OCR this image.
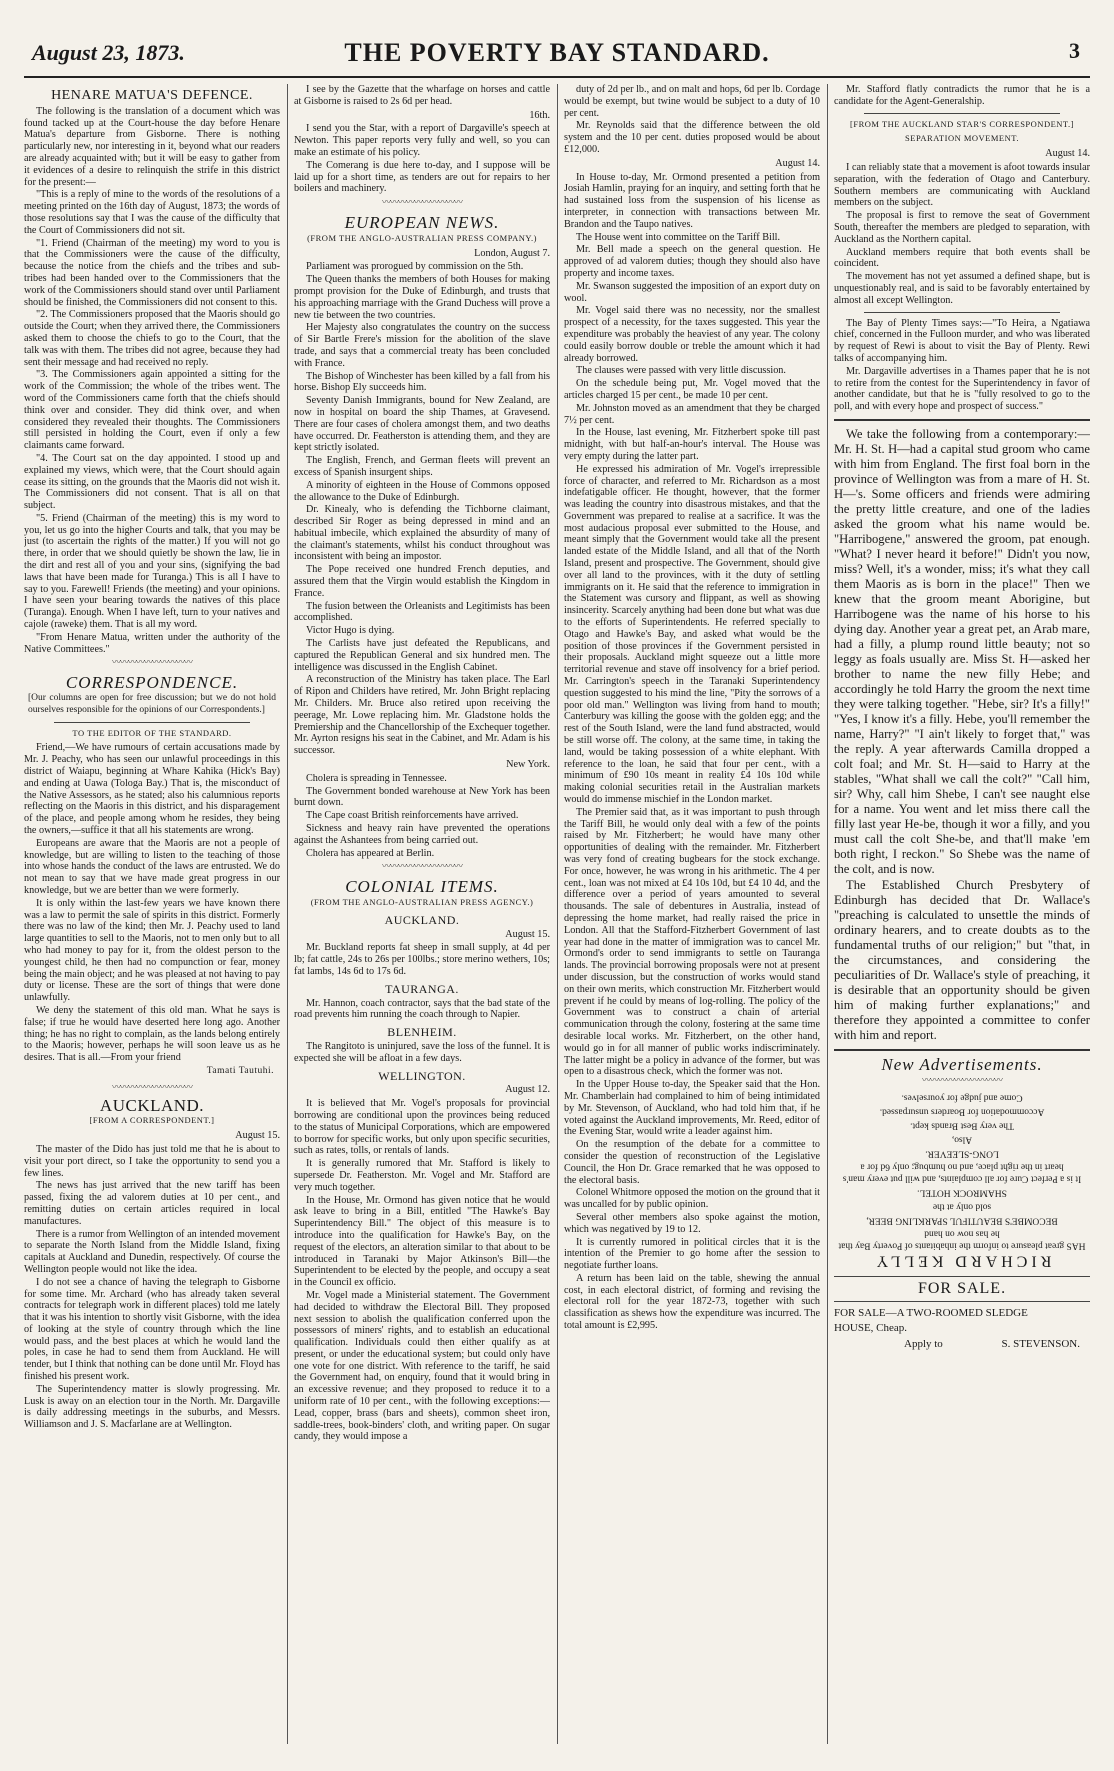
August 23, 1873.	THE POVERTY BAY STANDARD.	3
HENARE MATUA'S DEFENCE.

The following is the translation of a document which was found tacked up at the Court-house the day before Henare Matua's departure from Gisborne. There is nothing particularly new, nor interesting in it, beyond what our readers are already acquainted with; but it will be easy to gather from it evidences of a desire to relinquish the strife in this district for the present:—

"This is a reply of mine to the words of the resolutions of a meeting printed on the 16th day of August, 1873; the words of those resolutions say that I was the cause of the difficulty that the Court of Commissioners did not sit.

"1. Friend (Chairman of the meeting) my word to you is that the Commissioners were the cause of the difficulty, because the notice from the chiefs and the tribes and sub-tribes had been handed over to the Commissioners that the work of the Commissioners should stand over until Parliament should be finished, the Commissioners did not consent to this.

"2. The Commissioners proposed that the Maoris should go outside the Court; when they arrived there, the Commissioners asked them to choose the chiefs to go to the Court, that the talk was with them. The tribes did not agree, because they had sent their message and had received no reply.

"3. The Commissioners again appointed a sitting for the work of the Commission; the whole of the tribes went. The word of the Commissioners came forth that the chiefs should think over and consider. They did think over, and when considered they revealed their thoughts. The Commissioners still persisted in holding the Court, even if only a few claimants came forward.

"4. The Court sat on the day appointed. I stood up and explained my views, which were, that the Court should again cease its sitting, on the grounds that the Maoris did not wish it. The Commissioners did not consent. That is all on that subject.

"5. Friend (Chairman of the meeting) this is my word to you, let us go into the higher Courts and talk, that you may be just (to ascertain the rights of the matter.) If you will not go there, in order that we should quietly be shown the law, lie in the dirt and rest all of you and your sins, (signifying the bad laws that have been made for Turanga.) This is all I have to say to you. Farewell! Friends (the meeting) and your opinions. I have seen your bearing towards the natives of this place (Turanga). Enough. When I have left, turn to your natives and cajole (raweke) them. That is all my word.

"From Henare Matua, written under the authority of the Native Committees."

〰〰〰〰〰〰〰〰〰〰
CORRESPONDENCE.

[Our columns are open for free discussion; but we do not hold ourselves responsible for the opinions of our Correspondents.]

TO THE EDITOR OF THE STANDARD.

Friend,—We have rumours of certain accusations made by Mr. J. Peachy, who has seen our unlawful proceedings in this district of Waiapu, beginning at Whare Kahika (Hick's Bay) and ending at Uawa (Tologa Bay.) That is, the misconduct of the Native Assessors, as he stated; also his calumnious reports reflecting on the Maoris in this district, and his disparagement of the place, and people among whom he resides, they being the owners,—suffice it that all his statements are wrong.

Europeans are aware that the Maoris are not a people of knowledge, but are willing to listen to the teaching of those into whose hands the conduct of the laws are entrusted. We do not mean to say that we have made great progress in our knowledge, but we are better than we were formerly.

It is only within the last-few years we have known there was a law to permit the sale of spirits in this district. Formerly there was no law of the kind; then Mr. J. Peachy used to land large quantities to sell to the Maoris, not to men only but to all who had money to pay for it, from the oldest person to the youngest child, he then had no compunction or fear, money being the main object; and he was pleased at not having to pay duty or license. These are the sort of things that were done unlawfully.

We deny the statement of this old man. What he says is false; if true he would have deserted here long ago. Another thing; he has no right to complain, as the lands belong entirely to the Maoris; however, perhaps he will soon leave us as he desires. That is all.—From your friend

Tamati Tautuhi.
〰〰〰〰〰〰〰〰〰〰
AUCKLAND.
[FROM A CORRESPONDENT.]
August 15.

The master of the Dido has just told me that he is about to visit your port direct, so I take the opportunity to send you a few lines.

The news has just arrived that the new tariff has been passed, fixing the ad valorem duties at 10 per cent., and remitting duties on certain articles required in local manufactures.

There is a rumor from Wellington of an intended movement to separate the North Island from the Middle Island, fixing capitals at Auckland and Dunedin, respectively. Of course the Wellington people would not like the idea.

I do not see a chance of having the telegraph to Gisborne for some time. Mr. Archard (who has already taken several contracts for telegraph work in different places) told me lately that it was his intention to shortly visit Gisborne, with the idea of looking at the style of country through which the line would pass, and the best places at which he would land the poles, in case he had to send them from Auckland. He will tender, but I think that nothing can be done until Mr. Floyd has finished his present work.

The Superintendency matter is slowly progressing. Mr. Lusk is away on an election tour in the North. Mr. Dargaville is daily addressing meetings in the suburbs, and Messrs. Williamson and J. S. Macfarlane are at Wellington.

I see by the Gazette that the wharfage on horses and cattle at Gisborne is raised to 2s 6d per head.

16th.

I send you the Star, with a report of Dargaville's speech at Newton. This paper reports very fully and well, so you can make an estimate of his policy.

The Comerang is due here to-day, and I suppose will be laid up for a short time, as tenders are out for repairs to her boilers and machinery.

〰〰〰〰〰〰〰〰〰〰
EUROPEAN NEWS.
(FROM THE ANGLO-AUSTRALIAN PRESS COMPANY.)
London, August 7.

Parliament was prorogued by commission on the 5th.

The Queen thanks the members of both Houses for making prompt provision for the Duke of Edinburgh, and trusts that his approaching marriage with the Grand Duchess will prove a new tie between the two countries.

Her Majesty also congratulates the country on the success of Sir Bartle Frere's mission for the abolition of the slave trade, and says that a commercial treaty has been concluded with France.

The Bishop of Winchester has been killed by a fall from his horse. Bishop Ely succeeds him.

Seventy Danish Immigrants, bound for New Zealand, are now in hospital on board the ship Thames, at Gravesend. There are four cases of cholera amongst them, and two deaths have occurred. Dr. Featherston is attending them, and they are kept strictly isolated.

The English, French, and German fleets will prevent an excess of Spanish insurgent ships.

A minority of eighteen in the House of Commons opposed the allowance to the Duke of Edinburgh.

Dr. Kinealy, who is defending the Tichborne claimant, described Sir Roger as being depressed in mind and an habitual imbecile, which explained the absurdity of many of the claimant's statements, whilst his conduct throughout was inconsistent with being an impostor.

The Pope received one hundred French deputies, and assured them that the Virgin would establish the Kingdom in France.

The fusion between the Orleanists and Legitimists has been accomplished.

Victor Hugo is dying.

The Carlists have just defeated the Republicans, and captured the Republican General and six hundred men. The intelligence was discussed in the English Cabinet.

A reconstruction of the Ministry has taken place. The Earl of Ripon and Childers have retired, Mr. John Bright replacing Mr. Childers. Mr. Bruce also retired upon receiving the peerage, Mr. Lowe replacing him. Mr. Gladstone holds the Premiership and the Chancellorship of the Exchequer together. Mr. Ayrton resigns his seat in the Cabinet, and Mr. Adam is his successor.

New York.

Cholera is spreading in Tennessee.

The Government bonded warehouse at New York has been burnt down.

The Cape coast British reinforcements have arrived.

Sickness and heavy rain have prevented the operations against the Ashantees from being carried out.

Cholera has appeared at Berlin.

〰〰〰〰〰〰〰〰〰〰
COLONIAL ITEMS.
(FROM THE ANGLO-AUSTRALIAN PRESS AGENCY.)
AUCKLAND.
August 15.

Mr. Buckland reports fat sheep in small supply, at 4d per lb; fat cattle, 24s to 26s per 100lbs.; store merino wethers, 10s; fat lambs, 14s 6d to 17s 6d.

TAURANGA.

Mr. Hannon, coach contractor, says that the bad state of the road prevents him running the coach through to Napier.

BLENHEIM.

The Rangitoto is uninjured, save the loss of the funnel. It is expected she will be afloat in a few days.

WELLINGTON.
August 12.

It is believed that Mr. Vogel's proposals for provincial borrowing are conditional upon the provinces being reduced to the status of Municipal Corporations, which are empowered to borrow for specific works, but only upon specific securities, such as rates, tolls, or rentals of lands.

It is generally rumored that Mr. Stafford is likely to supersede Dr. Featherston. Mr. Vogel and Mr. Stafford are very much together.

In the House, Mr. Ormond has given notice that he would ask leave to bring in a Bill, entitled "The Hawke's Bay Superintendency Bill." The object of this measure is to introduce into the qualification for Hawke's Bay, on the request of the electors, an alteration similar to that about to be introduced in Taranaki by Major Atkinson's Bill—the Superintendent to be elected by the people, and occupy a seat in the Council ex officio.

Mr. Vogel made a Ministerial statement. The Government had decided to withdraw the Electoral Bill. They proposed next session to abolish the qualification conferred upon the possessors of miners' rights, and to establish an educational qualification. Individuals could then either qualify as at present, or under the educational system; but could only have one vote for one district. With reference to the tariff, he said the Government had, on enquiry, found that it would bring in an excessive revenue; and they proposed to reduce it to a uniform rate of 10 per cent., with the following exceptions:—Lead, copper, brass (bars and sheets), common sheet iron, saddle-trees, book-binders' cloth, and writing paper. On sugar candy, they would impose a

duty of 2d per lb., and on malt and hops, 6d per lb. Cordage would be exempt, but twine would be subject to a duty of 10 per cent.

Mr. Reynolds said that the difference between the old system and the 10 per cent. duties proposed would be about £12,000.

August 14.

In House to-day, Mr. Ormond presented a petition from Josiah Hamlin, praying for an inquiry, and setting forth that he had sustained loss from the suspension of his license as interpreter, in connection with transactions between Mr. Brandon and the Taupo natives.

The House went into committee on the Tariff Bill.

Mr. Bell made a speech on the general question. He approved of ad valorem duties; though they should also have property and income taxes.

Mr. Swanson suggested the imposition of an export duty on wool.

Mr. Vogel said there was no necessity, nor the smallest prospect of a necessity, for the taxes suggested. This year the expenditure was probably the heaviest of any year. The colony could easily borrow double or treble the amount which it had already borrowed.

The clauses were passed with very little discussion.

On the schedule being put, Mr. Vogel moved that the articles charged 15 per cent., be made 10 per cent.

Mr. Johnston moved as an amendment that they be charged 7½ per cent.

In the House, last evening, Mr. Fitzherbert spoke till past midnight, with but half-an-hour's interval. The House was very empty during the latter part.

He expressed his admiration of Mr. Vogel's irrepressible force of character, and referred to Mr. Richardson as a most indefatigable officer. He thought, however, that the former was leading the country into disastrous mistakes, and that the Government was prepared to realise at a sacrifice. It was the most audacious proposal ever submitted to the House, and meant simply that the Government would take all the present landed estate of the Middle Island, and all that of the North Island, present and prospective. The Government, should give over all land to the provinces, with it the duty of settling immigrants on it. He said that the reference to immigration in the Statement was cursory and flippant, as well as showing insincerity. Scarcely anything had been done but what was due to the efforts of Superintendents. He referred specially to Otago and Hawke's Bay, and asked what would be the position of those provinces if the Government persisted in their proposals. Auckland might squeeze out a little more territorial revenue and stave off insolvency for a brief period. Mr. Carrington's speech in the Taranaki Superintendency question suggested to his mind the line, "Pity the sorrows of a poor old man." Wellington was living from hand to mouth; Canterbury was killing the goose with the golden egg; and the rest of the South Island, were the land fund abstracted, would be still worse off. The colony, at the same time, in taking the land, would be taking possession of a white elephant. With reference to the loan, he said that four per cent., with a minimum of £90 10s meant in reality £4 10s 10d while making colonial securities retail in the Australian markets would do immense mischief in the London market.

The Premier said that, as it was important to push through the Tariff Bill, he would only deal with a few of the points raised by Mr. Fitzherbert; he would have many other opportunities of dealing with the remainder. Mr. Fitzherbert was very fond of creating bugbears for the stock exchange. For once, however, he was wrong in his arithmetic. The 4 per cent., loan was not mixed at £4 10s 10d, but £4 10 4d, and the difference over a period of years amounted to several thousands. The sale of debentures in Australia, instead of depressing the home market, had really raised the price in London. All that the Stafford-Fitzherbert Government of last year had done in the matter of immigration was to cancel Mr. Ormond's order to send immigrants to settle on Tauranga lands. The provincial borrowing proposals were not at present under discussion, but the construction of works would stand on their own merits, which construction Mr. Fitzherbert would prevent if he could by means of log-rolling. The policy of the Government was to construct a chain of arterial communication through the colony, fostering at the same time desirable local works. Mr. Fitzherbert, on the other hand, would go in for all manner of public works indiscriminately. The latter might be a policy in advance of the former, but was open to a disastrous check, which the former was not.

In the Upper House to-day, the Speaker said that the Hon. Mr. Chamberlain had complained to him of being intimidated by Mr. Stevenson, of Auckland, who had told him that, if he voted against the Auckland improvements, Mr. Reed, editor of the Evening Star, would write a leader against him.

On the resumption of the debate for a committee to consider the question of reconstruction of the Legislative Council, the Hon Dr. Grace remarked that he was opposed to the electoral basis.

Colonel Whitmore opposed the motion on the ground that it was uncalled for by public opinion.

Several other members also spoke against the motion, which was negatived by 19 to 12.

It is currently rumored in political circles that it is the intention of the Premier to go home after the session to negotiate further loans.

A return has been laid on the table, shewing the annual cost, in each electoral district, of forming and revising the electoral roll for the year 1872-73, together with such classification as shews how the expenditure was incurred. The total amount is £2,995.

Mr. Stafford flatly contradicts the rumor that he is a candidate for the Agent-Generalship.

[FROM THE AUCKLAND STAR'S CORRESPONDENT.]
SEPARATION MOVEMENT.
August 14.

I can reliably state that a movement is afoot towards insular separation, with the federation of Otago and Canterbury. Southern members are communicating with Auckland members on the subject.

The proposal is first to remove the seat of Government South, thereafter the members are pledged to separation, with Auckland as the Northern capital.

Auckland members require that both events shall be coincident.

The movement has not yet assumed a defined shape, but is unquestionably real, and is said to be favorably entertained by almost all except Wellington.

The Bay of Plenty Times says:—"To Heira, a Ngatiawa chief, concerned in the Fulloon murder, and who was liberated by request of Rewi is about to visit the Bay of Plenty. Rewi talks of accompanying him.

Mr. Dargaville advertises in a Thames paper that he is not to retire from the contest for the Superintendency in favor of another candidate, but that he is "fully resolved to go to the poll, and with every hope and prospect of success."

We take the following from a contemporary:—Mr. H. St. H—had a capital stud groom who came with him from England. The first foal born in the province of Wellington was from a mare of H. St. H—'s. Some officers and friends were admiring the pretty little creature, and one of the ladies asked the groom what his name would be. "Harribogene," answered the groom, pat enough. "What? I never heard it before!" Didn't you now, miss? Well, it's a wonder, miss; it's what they call them Maoris as is born in the place!" Then we knew that the groom meant Aborigine, but Harribogene was the name of his horse to his dying day. Another year a great pet, an Arab mare, had a filly, a plump round little beauty; not so leggy as foals usually are. Miss St. H—asked her brother to name the new filly Hebe; and accordingly he told Harry the groom the next time they were talking together. "Hebe, sir? It's a filly!" "Yes, I know it's a filly. Hebe, you'll remember the name, Harry?" "I ain't likely to forget that," was the reply. A year afterwards Camilla dropped a colt foal; and Mr. St. H—said to Harry at the stables, "What shall we call the colt?" "Call him, sir? Why, call him Shebe, I can't see naught else for a name. You went and let miss there call the filly last year He-be, though it wor a filly, and you must call the colt She-be, and that'll make 'em both right, I reckon." So Shebe was the name of the colt, and is now.

The Established Church Presbytery of Edinburgh has decided that Dr. Wallace's "preaching is calculated to unsettle the minds of ordinary hearers, and to create doubts as to the fundamental truths of our religion;" but "that, in the circumstances, and considering the peculiarities of Dr. Wallace's style of preaching, it is desirable that an opportunity should be given him of making further explanations;" and therefore they appointed a committee to confer with him and report.

New Advertisements.
〰〰〰〰〰〰〰〰〰〰
RICHARD KELLY
HAS great pleasure to inform the inhabitants of Poverty Bay that he has now on hand
BECOMBE'S BEAUTIFUL SPARKLING BEER,
sold only at the
SHAMROCK HOTEL.
It is a Perfect Cure for all complaints, and will put every man's heart in the right place, and no humbug; only 6d for a
LONG-SLEEVER.
Also,
The very Best Brands kept.
Accommodation for Boarders unsurpassed.
Come and judge for yourselves.
FOR SALE.
FOR SALE—A TWO-ROOMED SLEDGE
HOUSE, Cheap.
Apply to	S. STEVENSON.
